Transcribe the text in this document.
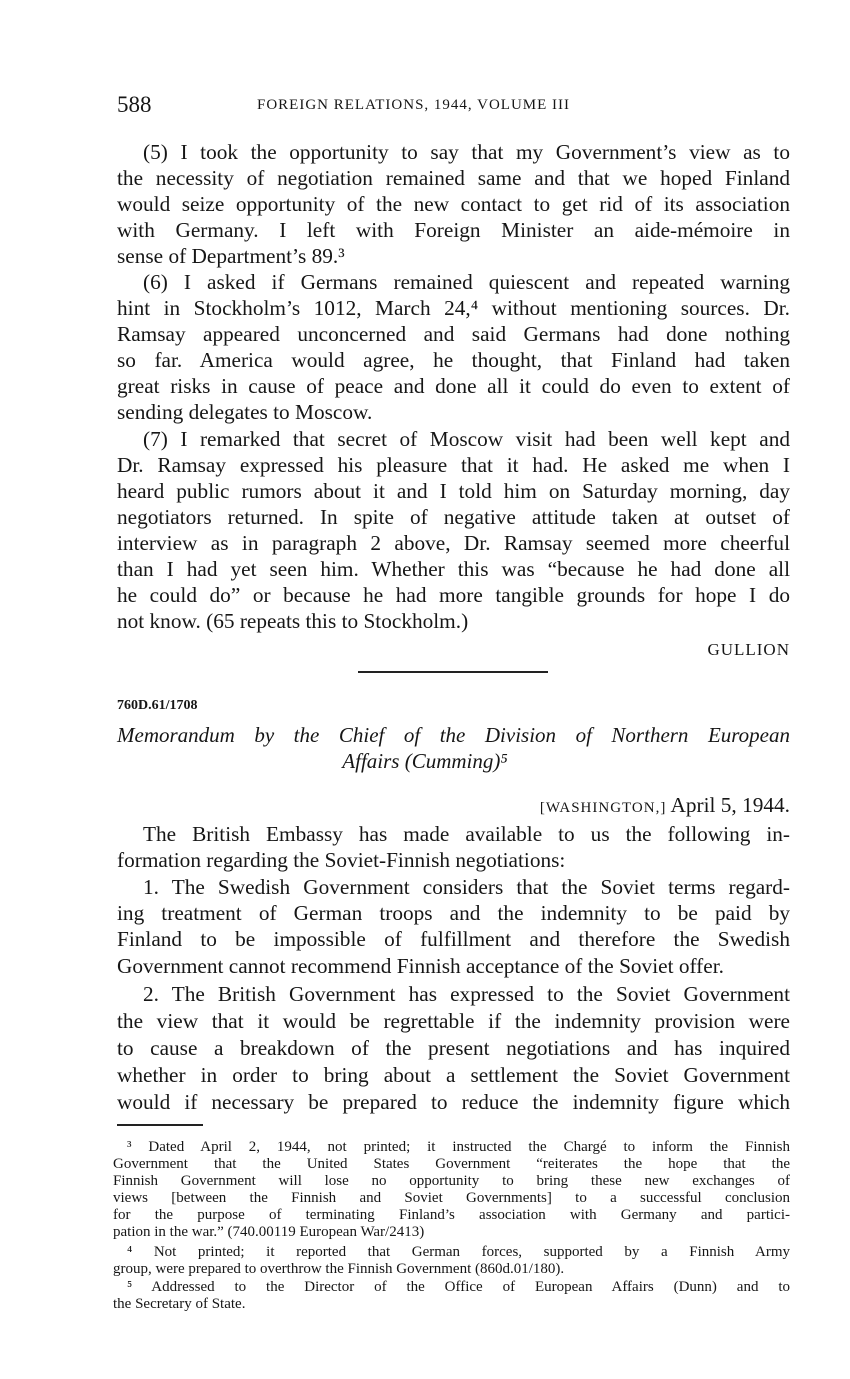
588	FOREIGN RELATIONS, 1944, VOLUME III
(5) I took the opportunity to say that my Government’s view as to
the necessity of negotiation remained same and that we hoped Finland
would seize opportunity of the new contact to get rid of its association
with Germany. I left with Foreign Minister an aide-mémoire in
sense of Department’s 89.³
(6) I asked if Germans remained quiescent and repeated warning
hint in Stockholm’s 1012, March 24,⁴ without mentioning sources. Dr.
Ramsay appeared unconcerned and said Germans had done nothing
so far. America would agree, he thought, that Finland had taken
great risks in cause of peace and done all it could do even to extent of
sending delegates to Moscow.
(7) I remarked that secret of Moscow visit had been well kept and
Dr. Ramsay expressed his pleasure that it had. He asked me when I
heard public rumors about it and I told him on Saturday morning, day
negotiators returned. In spite of negative attitude taken at outset of
interview as in paragraph 2 above, Dr. Ramsay seemed more cheerful
than I had yet seen him. Whether this was “because he had done all
he could do” or because he had more tangible grounds for hope I do
not know. (65 repeats this to Stockholm.)
GULLION
760D.61/1708
Memorandum by the Chief of the Division of Northern European
Affairs (Cumming)⁵
[WASHINGTON,] April 5, 1944.
The British Embassy has made available to us the following in-
formation regarding the Soviet-Finnish negotiations:
1. The Swedish Government considers that the Soviet terms regard-
ing treatment of German troops and the indemnity to be paid by
Finland to be impossible of fulfillment and therefore the Swedish
Government cannot recommend Finnish acceptance of the Soviet offer.
2. The British Government has expressed to the Soviet Government
the view that it would be regrettable if the indemnity provision were
to cause a breakdown of the present negotiations and has inquired
whether in order to bring about a settlement the Soviet Government
would if necessary be prepared to reduce the indemnity figure which
³ Dated April 2, 1944, not printed; it instructed the Chargé to inform the Finnish
Government that the United States Government “reiterates the hope that the
Finnish Government will lose no opportunity to bring these new exchanges of
views [between the Finnish and Soviet Governments] to a successful conclusion
for the purpose of terminating Finland’s association with Germany and partici-
pation in the war.” (740.00119 European War/2413)
⁴ Not printed; it reported that German forces, supported by a Finnish Army
group, were prepared to overthrow the Finnish Government (860d.01/180).
⁵ Addressed to the Director of the Office of European Affairs (Dunn) and to
the Secretary of State.
